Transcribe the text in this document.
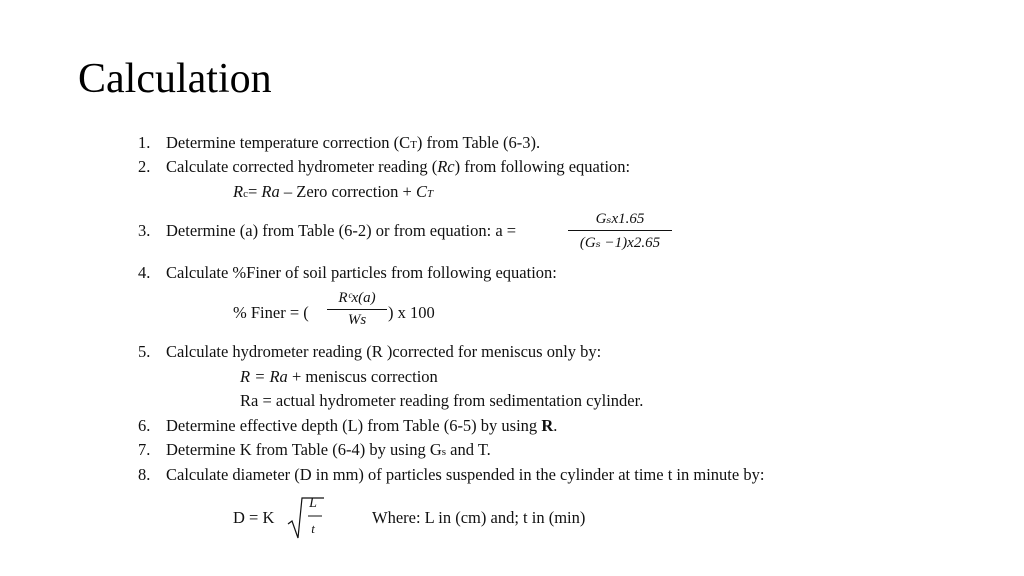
Calculation
1. Determine temperature correction (CT) from Table (6-3).
2. Calculate corrected hydrometer reading (Rc) from following equation:
Rc= Ra – Zero correction + CT
3. Determine (a) from Table (6-2) or from equation: a =
Gₛx1.65
(Gₛ −1)x2.65
4. Calculate %Finer of soil particles from following equation:
% Finer = (	) x 100
Rᶜx(a)
Ws
5. Calculate hydrometer reading (R )corrected for meniscus only by:
R = Ra + meniscus correction
Ra = actual hydrometer reading from sedimentation cylinder.
6. Determine effective depth (L) from Table (6-5) by using R.
7. Determine K from Table (6-4) by using Gs and T.
8. Calculate diameter (D in mm) of particles suspended in the cylinder at time t in minute by:
D = K	Where: L in (cm) and; t in (min)
L
t
